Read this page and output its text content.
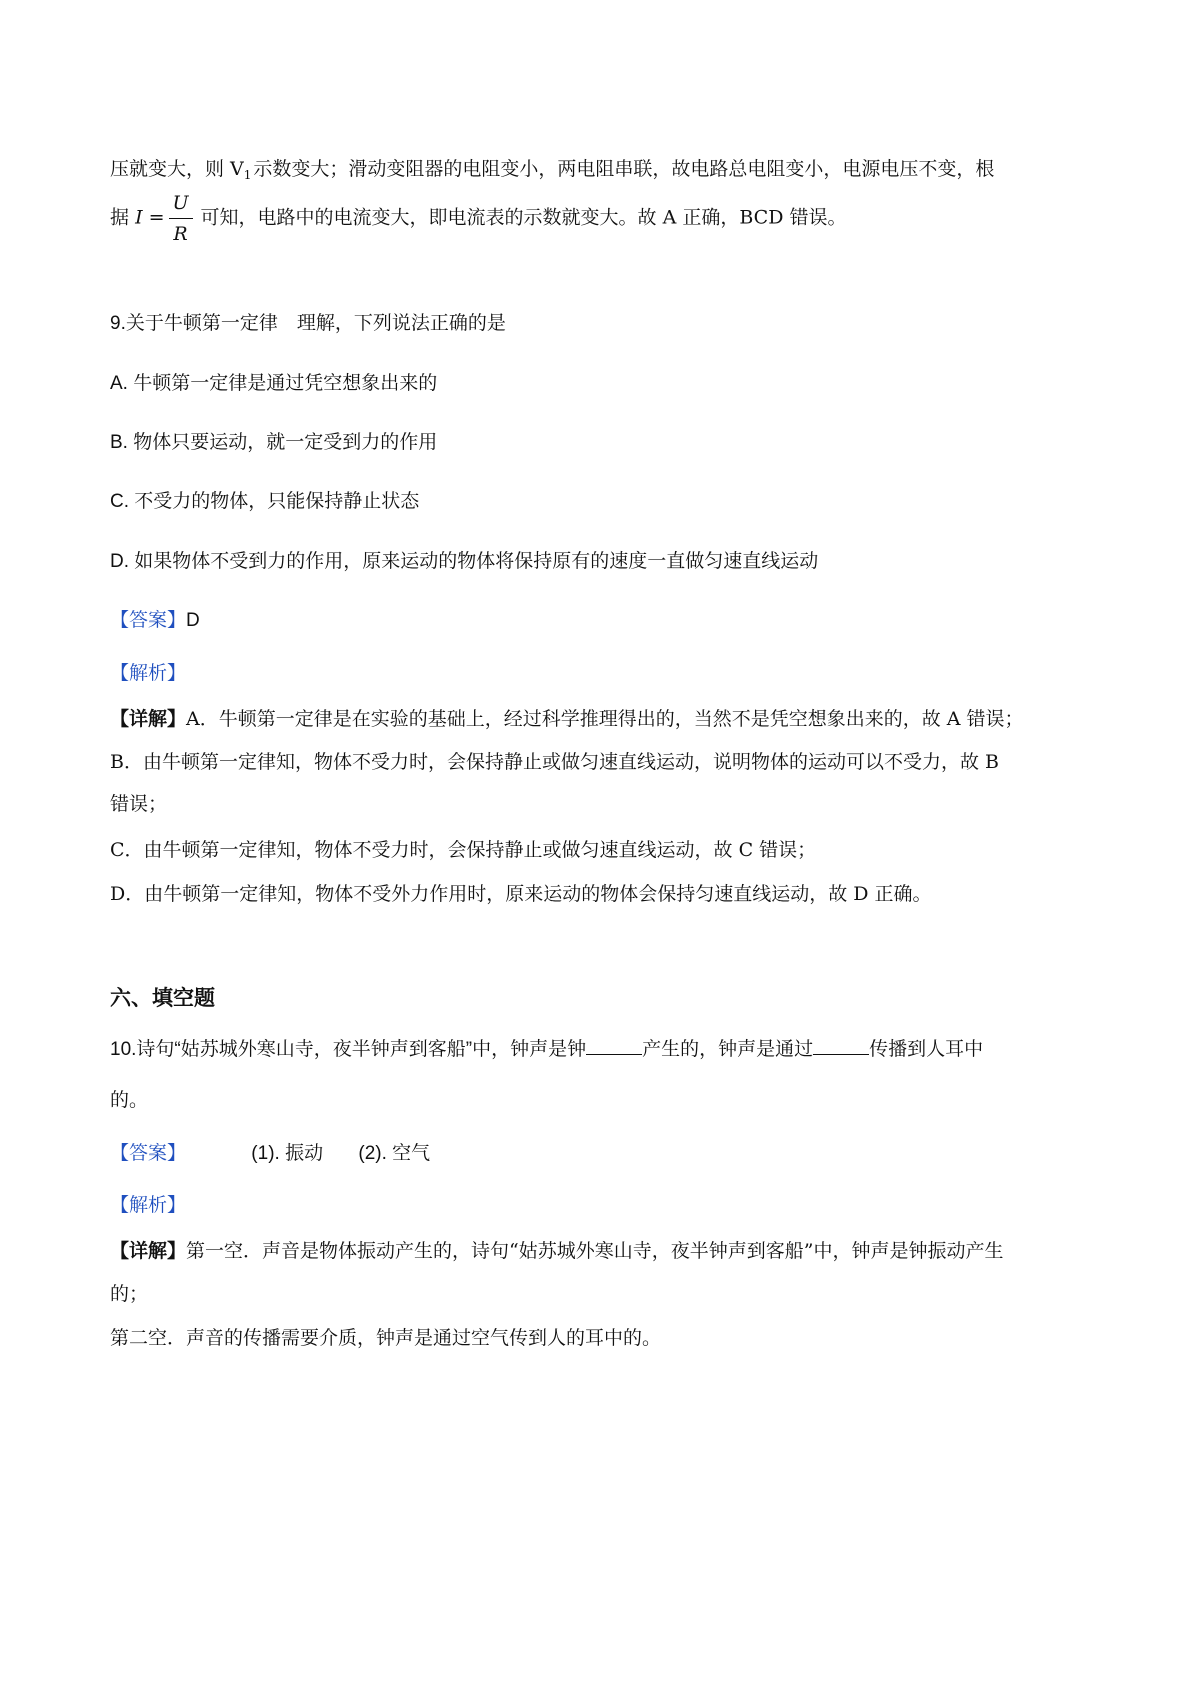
压就变大，则 $V_1$ 示数变大；滑动变阻器的电阻变小，两电阻串联，故电路总电阻变小，电源电压不变，根
据 $I = \frac{U}{R}$ 可知，电路中的电流变大，即电流表的示数就变大。故 A 正确，BCD 错误。
9.关于牛顿第一定律　理解，下列说法正确的是
A. 牛顿第一定律是通过凭空想象出来的
B. 物体只要运动，就一定受到力的作用
C. 不受力的物体，只能保持静止状态
D. 如果物体不受到力的作用，原来运动的物体将保持原有的速度一直做匀速直线运动
【答案】D
【解析】
【详解】A．牛顿第一定律是在实验的基础上，经过科学推理得出的，当然不是凭空想象出来的，故 A 错误；
B．由牛顿第一定律知，物体不受力时，会保持静止或做匀速直线运动，说明物体的运动可以不受力，故 B
错误；
C．由牛顿第一定律知，物体不受力时，会保持静止或做匀速直线运动，故 C 错误；
D．由牛顿第一定律知，物体不受外力作用时，原来运动的物体会保持匀速直线运动，故 D 正确。
六、填空题
10.诗句“姑苏城外寒山寺，夜半钟声到客船”中，钟声是钟	产生的，钟声是通过	传播到人耳中
的。
【答案】	(1). 振动 (2). 空气
【解析】
【详解】第一空．声音是物体振动产生的，诗句“姑苏城外寒山寺，夜半钟声到客船”中，钟声是钟振动产生
的；
第二空．声音的传播需要介质，钟声是通过空气传到人的耳中的。
